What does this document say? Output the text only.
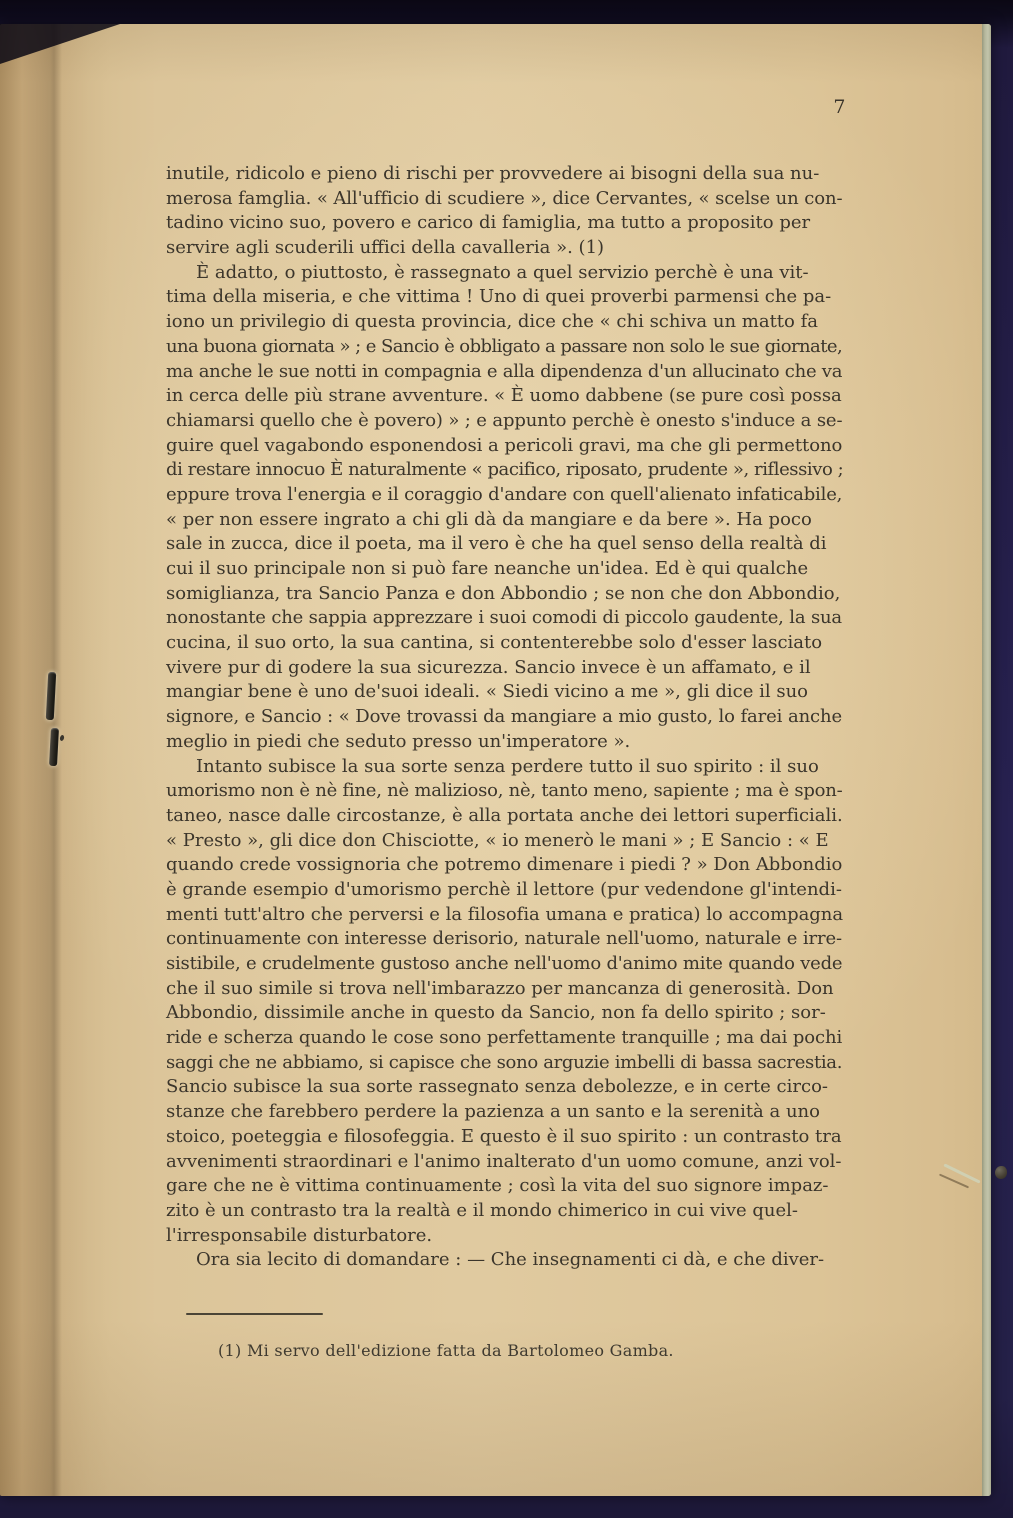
7
inutile, ridicolo e pieno di rischi per provvedere ai bisogni della sua nu-
merosa famglia. « All'ufficio di scudiere », dice Cervantes, « scelse un con-
tadino vicino suo, povero e carico di famiglia, ma tutto a proposito per
servire agli scuderili uffici della cavalleria ». (1)
È adatto, o piuttosto, è rassegnato a quel servizio perchè è una vit-
tima della miseria, e che vittima ! Uno di quei proverbi parmensi che pa-
iono un privilegio di questa provincia, dice che « chi schiva un matto fa
una buona giornata » ; e Sancio è obbligato a passare non solo le sue giornate,
ma anche le sue notti in compagnia e alla dipendenza d'un allucinato che va
in cerca delle più strane avventure. « È uomo dabbene (se pure così possa
chiamarsi quello che è povero) » ; e appunto perchè è onesto s'induce a se-
guire quel vagabondo esponendosi a pericoli gravi, ma che gli permettono
di restare innocuo È naturalmente « pacifico, riposato, prudente », riflessivo ;
eppure trova l'energia e il coraggio d'andare con quell'alienato infaticabile,
« per non essere ingrato a chi gli dà da mangiare e da bere ». Ha poco
sale in zucca, dice il poeta, ma il vero è che ha quel senso della realtà di
cui il suo principale non si può fare neanche un'idea. Ed è qui qualche
somiglianza, tra Sancio Panza e don Abbondio ; se non che don Abbondio,
nonostante che sappia apprezzare i suoi comodi di piccolo gaudente, la sua
cucina, il suo orto, la sua cantina, si contenterebbe solo d'esser lasciato
vivere pur di godere la sua sicurezza. Sancio invece è un affamato, e il
mangiar bene è uno de'suoi ideali. « Siedi vicino a me », gli dice il suo
signore, e Sancio : « Dove trovassi da mangiare a mio gusto, lo farei anche
meglio in piedi che seduto presso un'imperatore ».
Intanto subisce la sua sorte senza perdere tutto il suo spirito : il suo
umorismo non è nè fine, nè malizioso, nè, tanto meno, sapiente ; ma è spon-
taneo, nasce dalle circostanze, è alla portata anche dei lettori superficiali.
« Presto », gli dice don Chisciotte, « io menerò le mani » ; E Sancio : « E
quando crede vossignoria che potremo dimenare i piedi ? » Don Abbondio
è grande esempio d'umorismo perchè il lettore (pur vedendone gl'intendi-
menti tutt'altro che perversi e la filosofia umana e pratica) lo accompagna
continuamente con interesse derisorio, naturale nell'uomo, naturale e irre-
sistibile, e crudelmente gustoso anche nell'uomo d'animo mite quando vede
che il suo simile si trova nell'imbarazzo per mancanza di generosità. Don
Abbondio, dissimile anche in questo da Sancio, non fa dello spirito ; sor-
ride e scherza quando le cose sono perfettamente tranquille ; ma dai pochi
saggi che ne abbiamo, si capisce che sono arguzie imbelli di bassa sacrestia.
Sancio subisce la sua sorte rassegnato senza debolezze, e in certe circo-
stanze che farebbero perdere la pazienza a un santo e la serenità a uno
stoico, poeteggia e filosofeggia. E questo è il suo spirito : un contrasto tra
avvenimenti straordinari e l'animo inalterato d'un uomo comune, anzi vol-
gare che ne è vittima continuamente ; così la vita del suo signore impaz-
zito è un contrasto tra la realtà e il mondo chimerico in cui vive quel-
l'irresponsabile disturbatore.
Ora sia lecito di domandare : — Che insegnamenti ci dà, e che diver-
(1) Mi servo dell'edizione fatta da Bartolomeo Gamba.
